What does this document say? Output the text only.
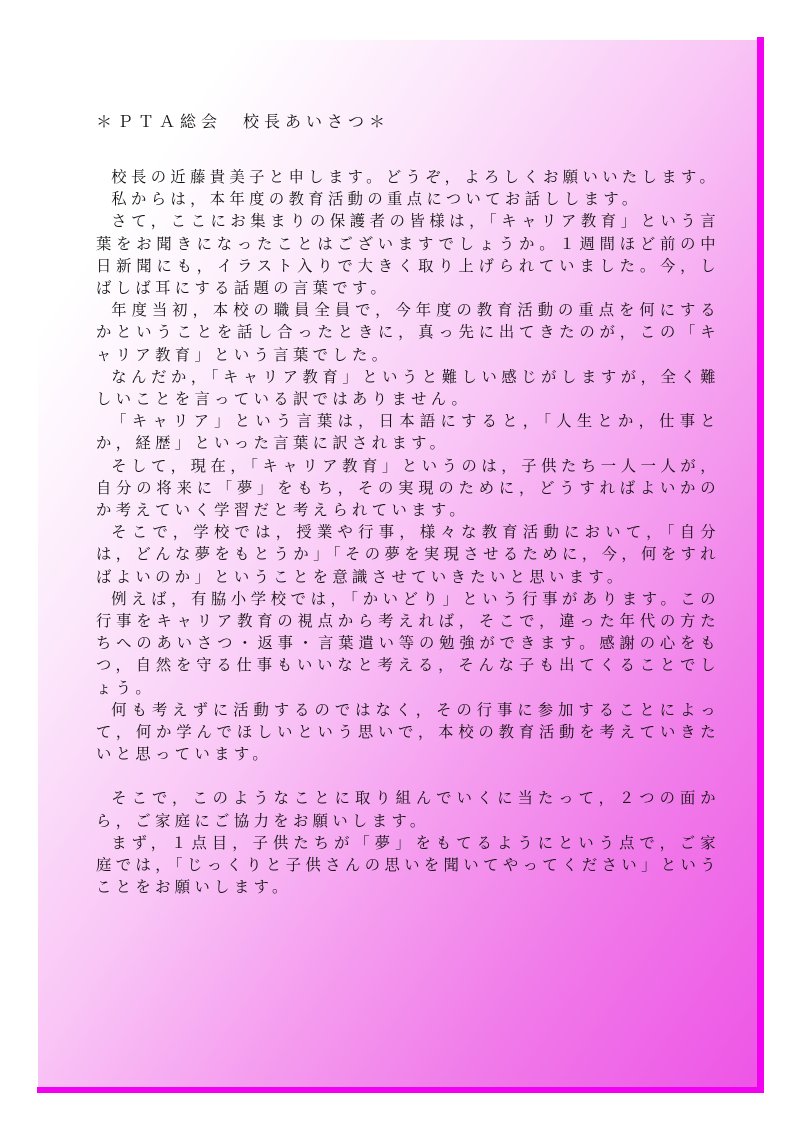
＊ＰＴＡ総会　校長あいさつ＊

校長の近藤貴美子と申します。どうぞ，よろしくお願いいたします。

私からは，本年度の教育活動の重点についてお話しします。

さて，ここにお集まりの保護者の皆様は，「キャリア教育」という言葉をお聞きになったことはございますでしょうか。１週間ほど前の中日新聞にも，イラスト入りで大きく取り上げられていました。今，しばしば耳にする話題の言葉です。

年度当初，本校の職員全員で，今年度の教育活動の重点を何にするかということを話し合ったときに，真っ先に出てきたのが，この「キャリア教育」という言葉でした。

なんだか，「キャリア教育」というと難しい感じがしますが，全く難しいことを言っている訳ではありません。

「キャリア」という言葉は，日本語にすると，「人生とか，仕事とか，経歴」といった言葉に訳されます。

そして，現在，「キャリア教育」というのは，子供たち一人一人が，自分の将来に「夢」をもち，その実現のために，どうすればよいかのか考えていく学習だと考えられています。

そこで，学校では，授業や行事，様々な教育活動において，「自分は，どんな夢をもとうか」「その夢を実現させるために，今，何をすればよいのか」ということを意識させていきたいと思います。

例えば，有脇小学校では，「かいどり」という行事があります。この行事をキャリア教育の視点から考えれば，そこで，違った年代の方たちへのあいさつ・返事・言葉遣い等の勉強ができます。感謝の心をもつ，自然を守る仕事もいいなと考える，そんな子も出てくることでしょう。

何も考えずに活動するのではなく，その行事に参加することによって，何か学んでほしいという思いで，本校の教育活動を考えていきたいと思っています。

そこで，このようなことに取り組んでいくに当たって，２つの面から，ご家庭にご協力をお願いします。

まず，１点目，子供たちが「夢」をもてるようにという点で，ご家庭では，「じっくりと子供さんの思いを聞いてやってください」ということをお願いします。
